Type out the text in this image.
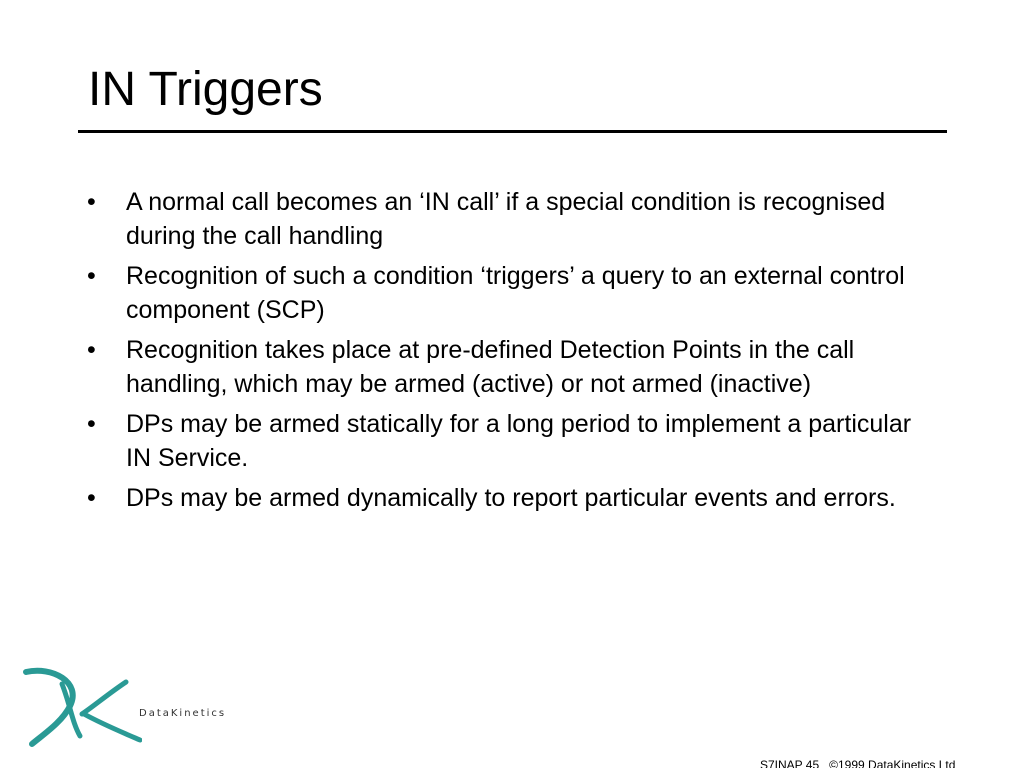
IN Triggers
•	A normal call becomes an ‘IN call’ if a special condition is recognised during the call handling
•	Recognition of such a condition ‘triggers’ a query to an external control component (SCP)
•	Recognition takes place at pre-defined Detection Points in the call handling, which may be armed (active) or not armed (inactive)
•	DPs may be armed statically for a long period to implement a particular IN Service.
•	DPs may be armed dynamically to report particular events and errors.
DataKinetics
S7INAP 45 ©1999 DataKinetics Ltd
